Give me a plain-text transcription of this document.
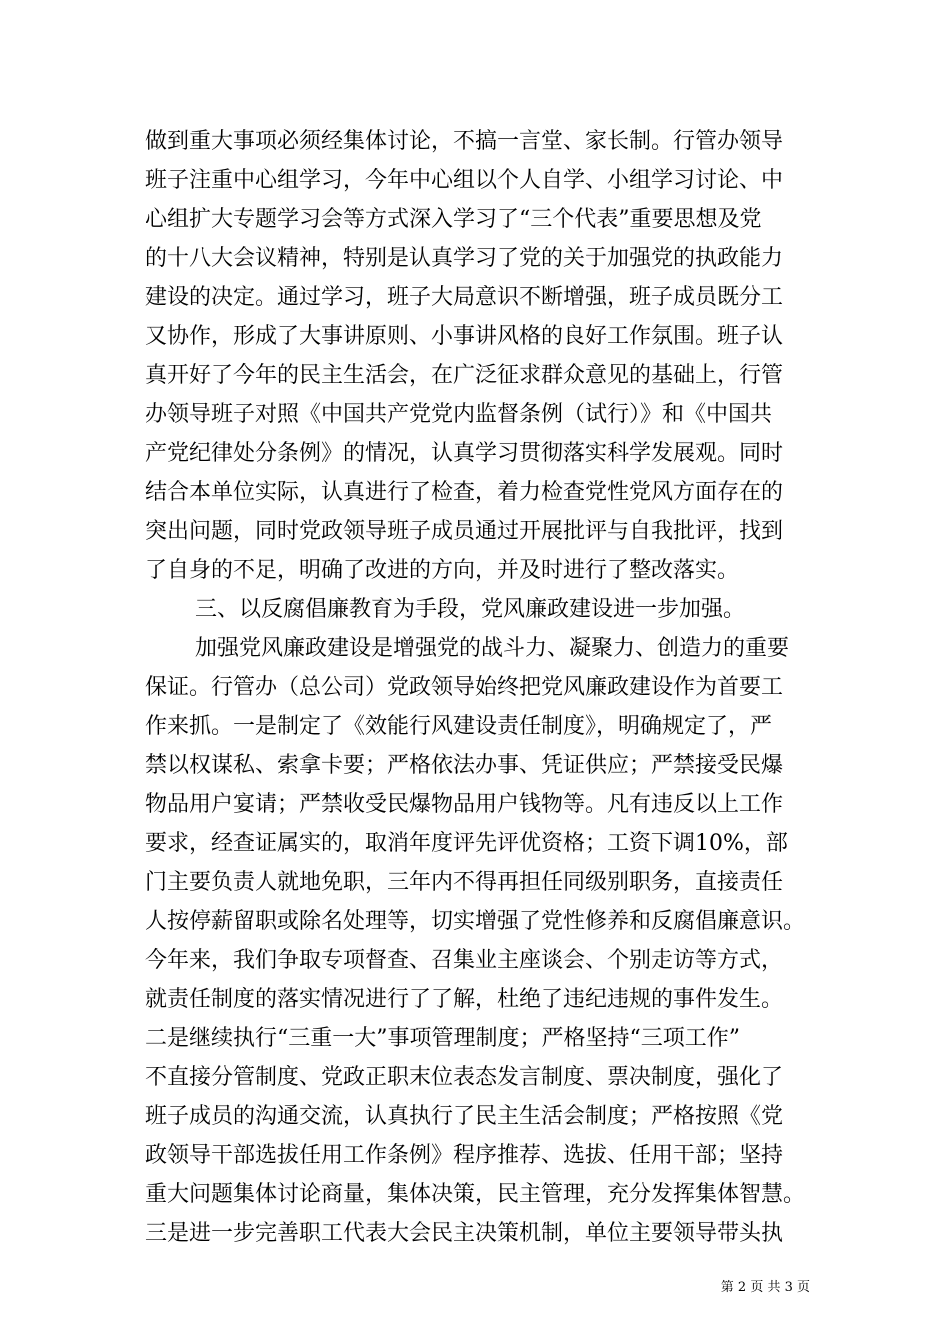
做到重大事项必须经集体讨论，不搞一言堂、家长制。行管办领导
班子注重中心组学习，今年中心组以个人自学、小组学习讨论、中
心组扩大专题学习会等方式深入学习了“三个代表”重要思想及党
的十八大会议精神，特别是认真学习了党的关于加强党的执政能力
建设的决定。通过学习，班子大局意识不断增强，班子成员既分工
又协作，形成了大事讲原则、小事讲风格的良好工作氛围。班子认
真开好了今年的民主生活会，在广泛征求群众意见的基础上，行管
办领导班子对照《中国共产党党内监督条例（试行）》和《中国共
产党纪律处分条例》的情况，认真学习贯彻落实科学发展观。同时
结合本单位实际，认真进行了检查，着力检查党性党风方面存在的
突出问题，同时党政领导班子成员通过开展批评与自我批评，找到
了自身的不足，明确了改进的方向，并及时进行了整改落实。
三、以反腐倡廉教育为手段，党风廉政建设进一步加强。
加强党风廉政建设是增强党的战斗力、凝聚力、创造力的重要
保证。行管办（总公司）党政领导始终把党风廉政建设作为首要工
作来抓。一是制定了《效能行风建设责任制度》，明确规定了，严
禁以权谋私、索拿卡要；严格依法办事、凭证供应；严禁接受民爆
物品用户宴请；严禁收受民爆物品用户钱物等。凡有违反以上工作
要求，经查证属实的，取消年度评先评优资格；工资下调10%，部
门主要负责人就地免职，三年内不得再担任同级别职务，直接责任
人按停薪留职或除名处理等，切实增强了党性修养和反腐倡廉意识。
今年来，我们争取专项督查、召集业主座谈会、个别走访等方式，
就责任制度的落实情况进行了了解，杜绝了违纪违规的事件发生。
二是继续执行“三重一大”事项管理制度；严格坚持“三项工作”
不直接分管制度、党政正职末位表态发言制度、票决制度，强化了
班子成员的沟通交流，认真执行了民主生活会制度；严格按照《党
政领导干部选拔任用工作条例》程序推荐、选拔、任用干部；坚持
重大问题集体讨论商量，集体决策，民主管理，充分发挥集体智慧。
三是进一步完善职工代表大会民主决策机制，单位主要领导带头执
第 2 页 共 3 页
